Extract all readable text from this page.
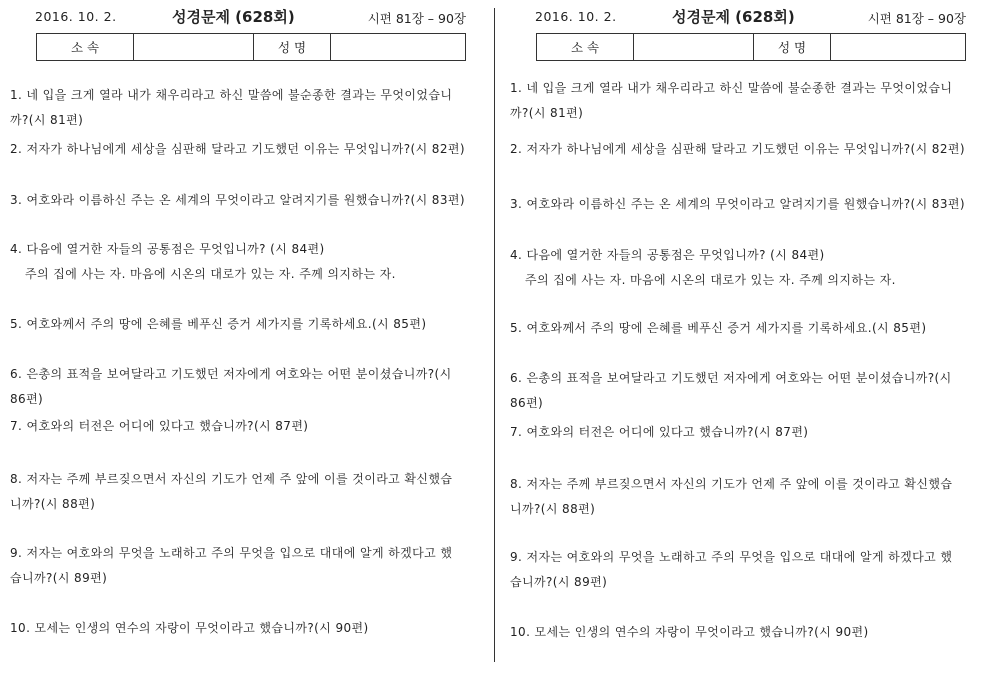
2016. 10. 2.	성경문제 (628회)	시편 81장 – 90장
소 속		성 명	
1. 네 입을 크게 열라 내가 채우리라고 하신 말씀에 불순종한 결과는 무엇이었습니
까?(시 81편)
2. 저자가 하나님에게 세상을 심판해 달라고 기도했던 이유는 무엇입니까?(시 82편)
3. 여호와라 이름하신 주는 온 세계의 무엇이라고 알려지기를 원했습니까?(시 83편)
4. 다음에 열거한 자들의 공통점은 무엇입니까? (시 84편)
주의 집에 사는 자. 마음에 시온의 대로가 있는 자. 주께 의지하는 자.
5. 여호와께서 주의 땅에 은혜를 베푸신 증거 세가지를 기록하세요.(시 85편)
6. 은총의 표적을 보여달라고 기도했던 저자에게 여호와는 어떤 분이셨습니까?(시
86편)
7. 여호와의 터전은 어디에 있다고 했습니까?(시 87편)
8. 저자는 주께 부르짖으면서 자신의 기도가 언제 주 앞에 이를 것이라고 확신했습
니까?(시 88편)
9. 저자는 여호와의 무엇을 노래하고 주의 무엇을 입으로 대대에 알게 하겠다고 했
습니까?(시 89편)
10. 모세는 인생의 연수의 자랑이 무엇이라고 했습니까?(시 90편)
2016. 10. 2.	성경문제 (628회)	시편 81장 – 90장
소 속		성 명	
1. 네 입을 크게 열라 내가 채우리라고 하신 말씀에 불순종한 결과는 무엇이었습니
까?(시 81편)
2. 저자가 하나님에게 세상을 심판해 달라고 기도했던 이유는 무엇입니까?(시 82편)
3. 여호와라 이름하신 주는 온 세계의 무엇이라고 알려지기를 원했습니까?(시 83편)
4. 다음에 열거한 자들의 공통점은 무엇입니까? (시 84편)
주의 집에 사는 자. 마음에 시온의 대로가 있는 자. 주께 의지하는 자.
5. 여호와께서 주의 땅에 은혜를 베푸신 증거 세가지를 기록하세요.(시 85편)
6. 은총의 표적을 보여달라고 기도했던 저자에게 여호와는 어떤 분이셨습니까?(시
86편)
7. 여호와의 터전은 어디에 있다고 했습니까?(시 87편)
8. 저자는 주께 부르짖으면서 자신의 기도가 언제 주 앞에 이를 것이라고 확신했습
니까?(시 88편)
9. 저자는 여호와의 무엇을 노래하고 주의 무엇을 입으로 대대에 알게 하겠다고 했
습니까?(시 89편)
10. 모세는 인생의 연수의 자랑이 무엇이라고 했습니까?(시 90편)
